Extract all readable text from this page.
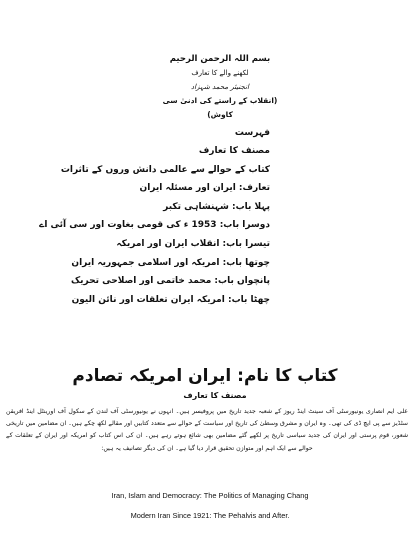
بسم اللہ الرحمن الرحیم
لکھنے والے کا تعارف
انجنیئر محمد شہزاد
(انقلاب کے راستے کی ادنیٰ سی کاوش)
فہرست
مصنف کا تعارف
کتاب کے حوالے سے عالمی دانش وروں کے تاثرات
تعارف: ایران اور مسئلہ ایران
پہلا باب: شہنشاہی تکبر
دوسرا باب: 1953 ء کی قومی بغاوت اور سی آئی اے
تیسرا باب: انقلاب ایران اور امریکہ
چوتھا باب: امریکہ اور اسلامی جمہوریہ ایران
پانچواں باب: محمد خاتمی اور اصلاحی تحریک
چھٹا باب: امریکہ ایران تعلقات اور نائن الیون
کتاب کا نام: ایران امریکہ تصادم
مصنف کا تعارف
علی ایم انصاری یونیورسٹی آف سینٹ اینڈ ریوز کے شعبہ جدید تاریخ میں پروفیسر ہیں۔ انہوں نے یونیورسٹی آف لندن کے سکول آف اورینٹل اینڈ افریقن سٹڈیز سے پی ایچ ڈی کی تھی۔ وہ ایران و مشرق وسطیٰ کی تاریخ اور سیاست کے حوالے سے متعدد کتابیں اور مقالے لکھ چکے ہیں۔ ان مضامین میں تاریخی شعور، قوم پرستی اور ایران کی جدید سیاسی تاریخ پر لکھے گئے مضامین بھی شائع ہوتے رہے ہیں۔ ان کی اس کتاب کو امریکہ اور ایران کے تعلقات کے حوالے سے ایک اہم اور متوازن تحقیق قرار دیا گیا ہے۔ ان کی دیگر تصانیف یہ ہیں:
Iran, Islam and Democracy: The Politics of Managing Chang
Modern Iran Since 1921: The Pehalvis and After.
